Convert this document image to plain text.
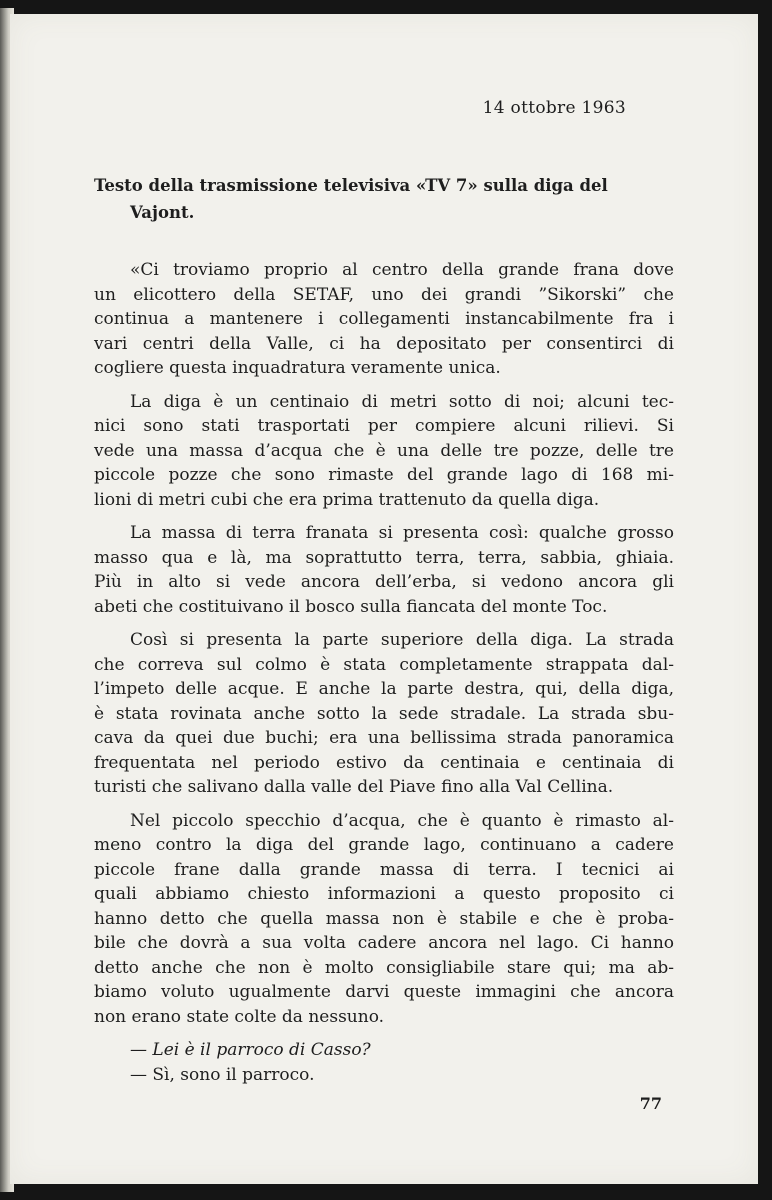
14 ottobre 1963
Testo della trasmissione televisiva «TV 7» sulla diga del
Vajont.
«Ci troviamo proprio al centro della grande frana dove
un elicottero della SETAF, uno dei grandi ”Sikorski” che
continua a mantenere i collegamenti instancabilmente fra i
vari centri della Valle, ci ha depositato per consentirci di
cogliere questa inquadratura veramente unica.
La diga è un centinaio di metri sotto di noi; alcuni tec-
nici sono stati trasportati per compiere alcuni rilievi. Si
vede una massa d’acqua che è una delle tre pozze, delle tre
piccole pozze che sono rimaste del grande lago di 168 mi-
lioni di metri cubi che era prima trattenuto da quella diga.
La massa di terra franata si presenta così: qualche grosso
masso qua e là, ma soprattutto terra, terra, sabbia, ghiaia.
Più in alto si vede ancora dell’erba, si vedono ancora gli
abeti che costituivano il bosco sulla fiancata del monte Toc.
Così si presenta la parte superiore della diga. La strada
che correva sul colmo è stata completamente strappata dal-
l’impeto delle acque. E anche la parte destra, qui, della diga,
è stata rovinata anche sotto la sede stradale. La strada sbu-
cava da quei due buchi; era una bellissima strada panoramica
frequentata nel periodo estivo da centinaia e centinaia di
turisti che salivano dalla valle del Piave fino alla Val Cellina.
Nel piccolo specchio d’acqua, che è quanto è rimasto al-
meno contro la diga del grande lago, continuano a cadere
piccole frane dalla grande massa di terra. I tecnici ai
quali abbiamo chiesto informazioni a questo proposito ci
hanno detto che quella massa non è stabile e che è proba-
bile che dovrà a sua volta cadere ancora nel lago. Ci hanno
detto anche che non è molto consigliabile stare qui; ma ab-
biamo voluto ugualmente darvi queste immagini che ancora
non erano state colte da nessuno.

— Lei è il parroco di Casso?

— Sì, sono il parroco.

77
